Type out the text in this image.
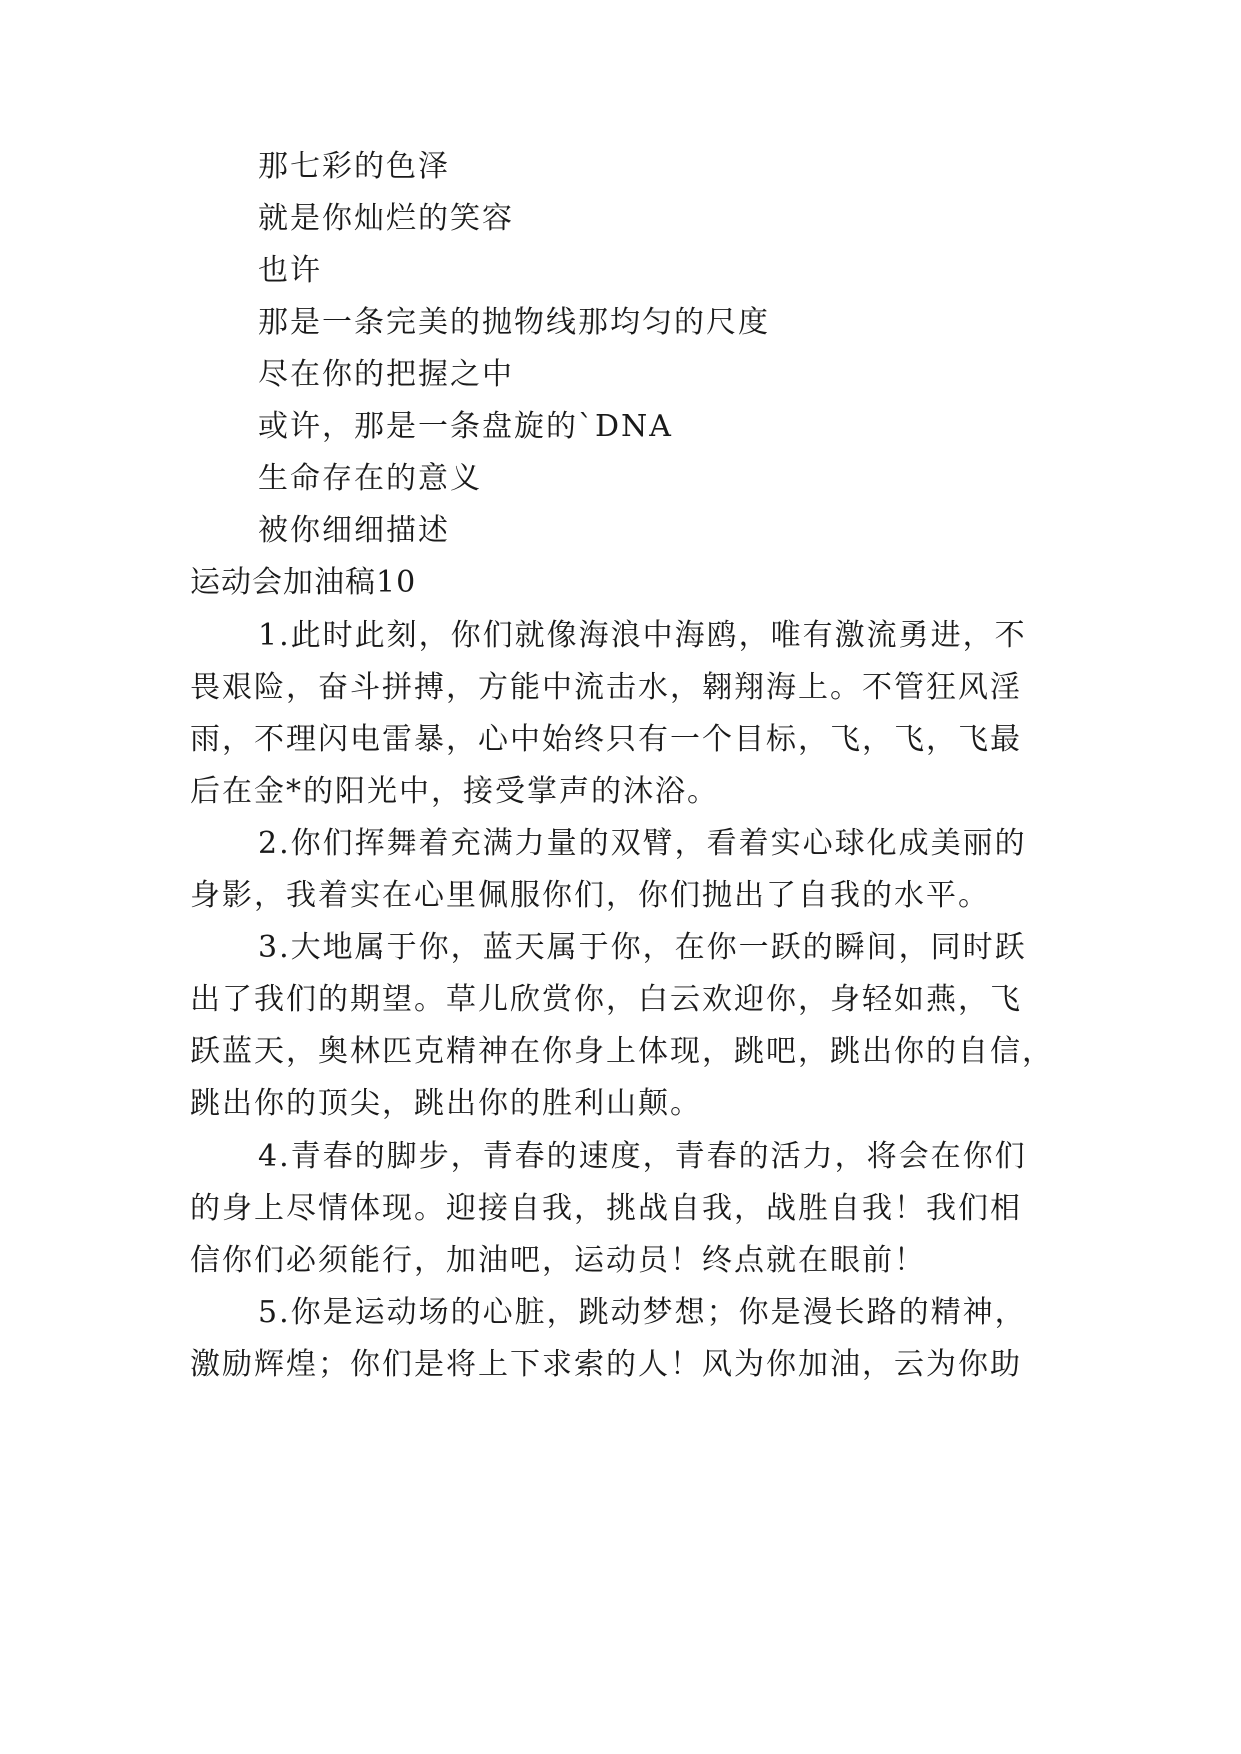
那七彩的色泽
就是你灿烂的笑容
也许
那是一条完美的抛物线那均匀的尺度
尽在你的把握之中
或许，那是一条盘旋的`DNA
生命存在的意义
被你细细描述
运动会加油稿10
1.此时此刻，你们就像海浪中海鸥，唯有激流勇进，不
畏艰险，奋斗拼搏，方能中流击水，翱翔海上。不管狂风淫
雨，不理闪电雷暴，心中始终只有一个目标，飞，飞，飞最
后在金*的阳光中，接受掌声的沐浴。
2.你们挥舞着充满力量的双臂，看着实心球化成美丽的
身影，我着实在心里佩服你们，你们抛出了自我的水平。
3.大地属于你，蓝天属于你，在你一跃的瞬间，同时跃
出了我们的期望。草儿欣赏你，白云欢迎你，身轻如燕，飞
跃蓝天，奥林匹克精神在你身上体现，跳吧，跳出你的自信，
跳出你的顶尖，跳出你的胜利山颠。
4.青春的脚步，青春的速度，青春的活力，将会在你们
的身上尽情体现。迎接自我，挑战自我，战胜自我！我们相
信你们必须能行，加油吧，运动员！终点就在眼前！
5.你是运动场的心脏，跳动梦想；你是漫长路的精神，
激励辉煌；你们是将上下求索的人！风为你加油，云为你助
